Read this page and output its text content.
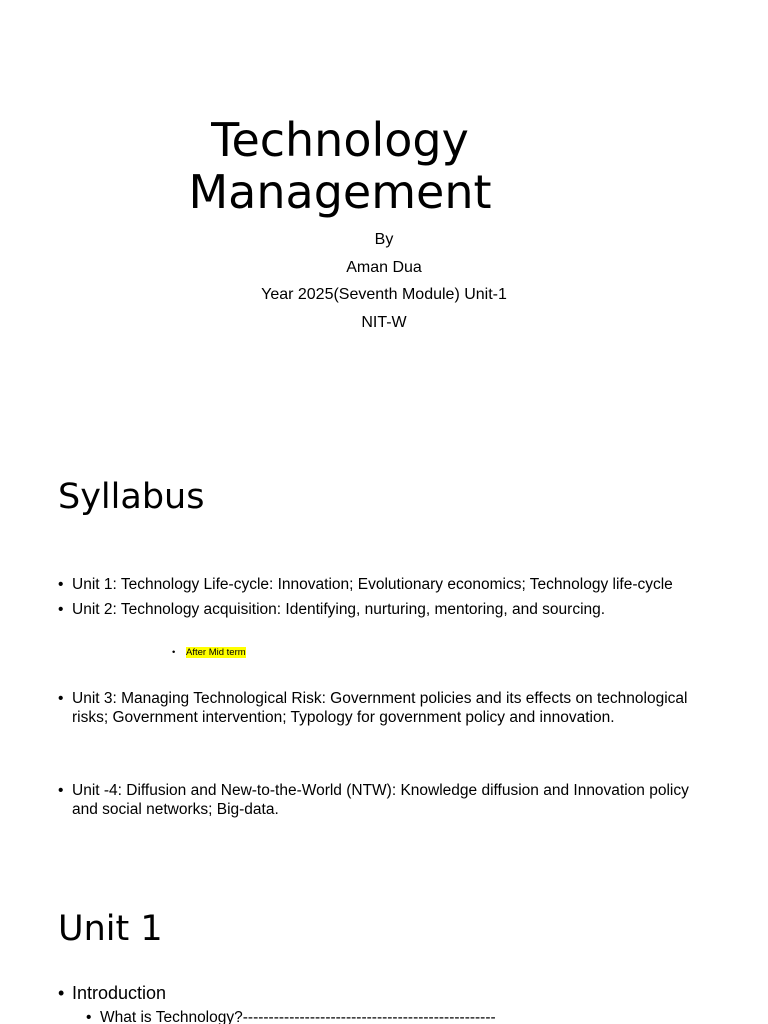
Technology
Management
By
Aman Dua
Year 2025(Seventh Module) Unit-1
NIT-W
Syllabus
• Unit 1: Technology Life-cycle: Innovation; Evolutionary economics; Technology life-cycle
• Unit 2: Technology acquisition: Identifying, nurturing, mentoring, and sourcing.
• After Mid term
• Unit 3: Managing Technological Risk: Government policies and its effects on technological risks; Government intervention; Typology for government policy and innovation.
• Unit -4: Diffusion and New-to-the-World (NTW): Knowledge diffusion and Innovation policy and social networks; Big-data.
Unit 1
• Introduction
• What is Technology?-------------------------------------------------
